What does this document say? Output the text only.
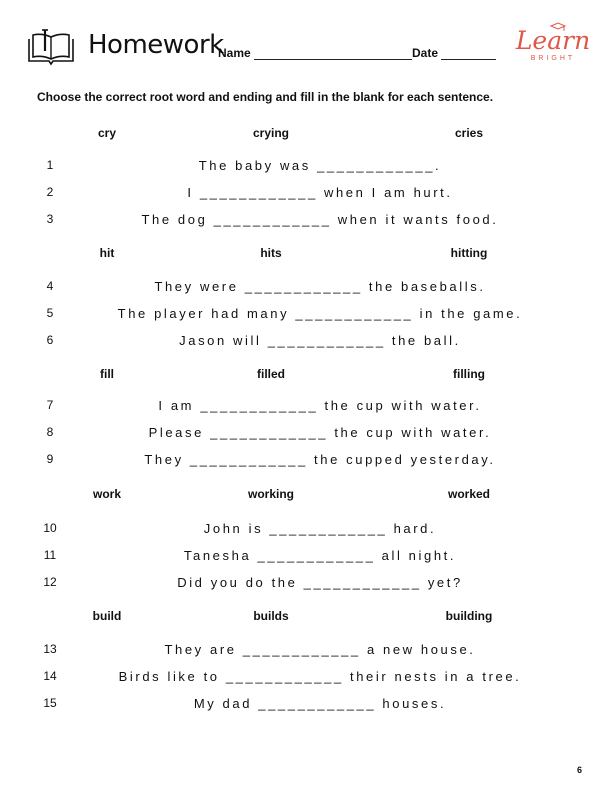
Homework
Name	Date	Learn
BRIGHT
Choose the correct root word and ending and fill in the blank for each sentence.
cry	crying	cries
1	The baby was ____________.
2	I ____________ when I am hurt.
3	The dog ____________ when it wants food.
hit	hits	hitting
4	They were ____________ the baseballs.
5	The player had many ____________ in the game.
6	Jason will ____________ the ball.
fill	filled	filling
7	I am ____________ the cup with water.
8	Please ____________ the cup with water.
9	They ____________ the cupped yesterday.
work	working	worked
10	John is ____________ hard.
11	Tanesha ____________ all night.
12	Did you do the ____________ yet?
build	builds	building
13	They are ____________ a new house.
14	Birds like to ____________ their nests in a tree.
15	My dad ____________ houses.
6
